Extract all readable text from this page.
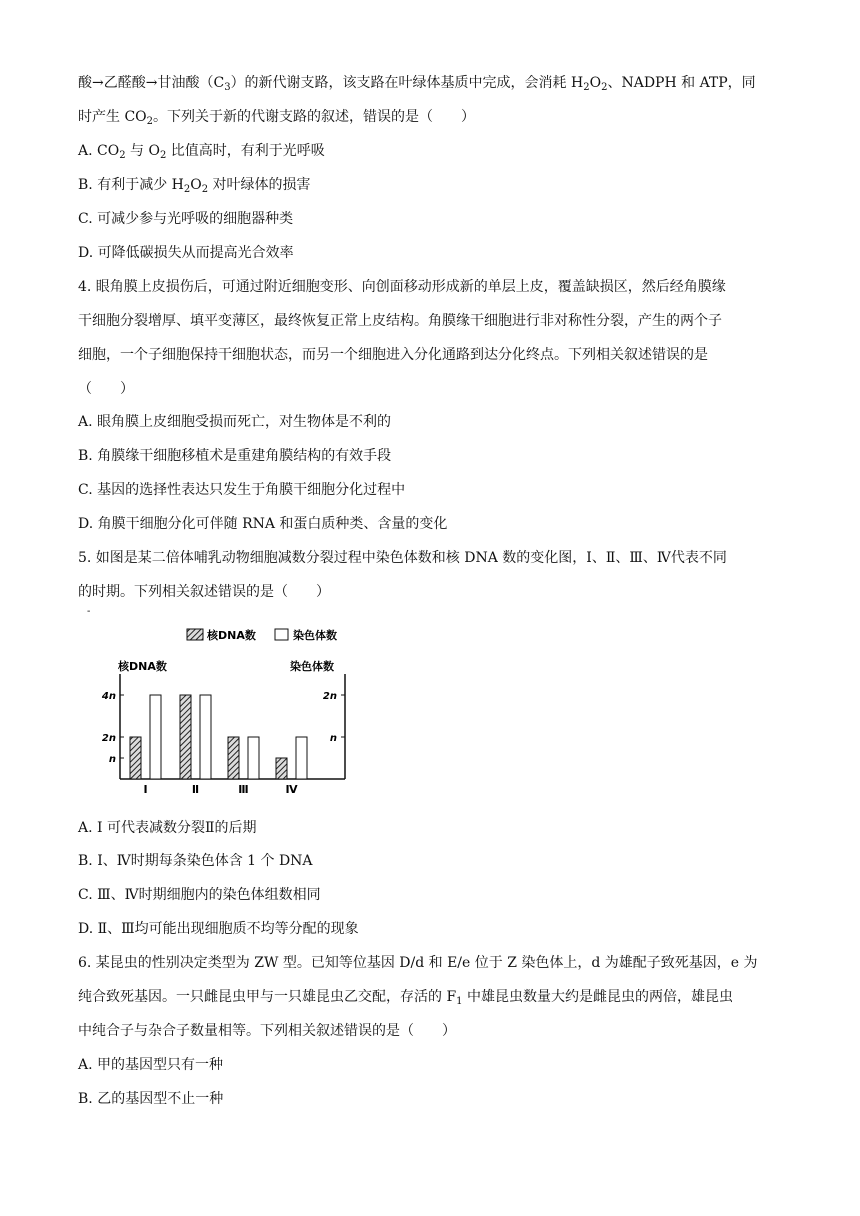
酸→乙醛酸→甘油酸$(C_3)$的新代谢支路，该支路在叶绿体基质中完成，会消耗 $H_2O_2$、NADPH 和 ATP，同
时产生 $CO_2$。下列关于新的代谢支路的叙述，错误的是（　　）
A. $CO_2$ 与 $O_2$ 比值高时，有利于光呼吸
B. 有利于减少 $H_2O_2$ 对叶绿体的损害
C. 可减少参与光呼吸的细胞器种类
D. 可降低碳损失从而提高光合效率
4. 眼角膜上皮损伤后，可通过附近细胞变形、向创面移动形成新的单层上皮，覆盖缺损区，然后经角膜缘
干细胞分裂增厚、填平变薄区，最终恢复正常上皮结构。角膜缘干细胞进行非对称性分裂，产生的两个子
细胞，一个子细胞保持干细胞状态，而另一个细胞进入分化通路到达分化终点。下列相关叙述错误的是
（　　）
A. 眼角膜上皮细胞受损而死亡，对生物体是不利的
B. 角膜缘干细胞移植术是重建角膜结构的有效手段
C. 基因的选择性表达只发生于角膜干细胞分化过程中
D. 角膜干细胞分化可伴随 RNA 和蛋白质种类、含量的变化
5. 如图是某二倍体哺乳动物细胞减数分裂过程中染色体数和核 DNA 数的变化图，I、Ⅱ、Ⅲ、Ⅳ代表不同
的时期。下列相关叙述错误的是（　　）
-
核DNA数	染色体数
核DNA数	染色体数
n
2n
4n
n
2n
I	Ⅱ	Ⅲ	Ⅳ
A. I 可代表减数分裂Ⅱ的后期
B. I、Ⅳ时期每条染色体含 1 个 DNA
C. Ⅲ、Ⅳ时期细胞内的染色体组数相同
D. Ⅱ、Ⅲ均可能出现细胞质不均等分配的现象
6. 某昆虫的性别决定类型为 ZW 型。已知等位基因 D/d 和 E/e 位于 Z 染色体上，d 为雄配子致死基因，e 为
纯合致死基因。一只雌昆虫甲与一只雄昆虫乙交配，存活的 $F_1$ 中雄昆虫数量大约是雌昆虫的两倍，雄昆虫
中纯合子与杂合子数量相等。下列相关叙述错误的是（　　）
A. 甲的基因型只有一种
B. 乙的基因型不止一种
